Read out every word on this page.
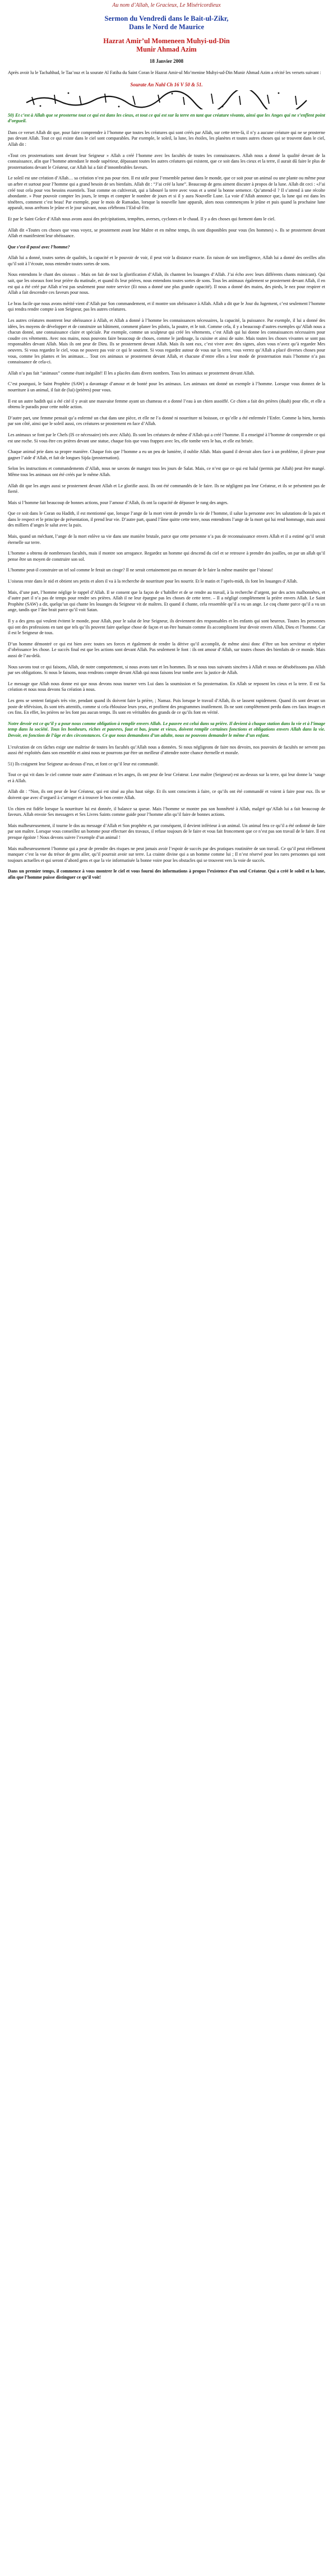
Au nom d’Allah, le Gracieux, Le Miséricordieux
Sermon du Vendredi dans le Bait-ul-Zikr,
Dans le Nord de Maurice
Hazrat Amir’ul Momeneen Muhyi-ud-Din
Munir Ahmad Azim
18 Janvier 2008
Après avoir lu le Tachahhud, le Taa’ouz et la sourate Al Fatiha du Saint Coran le Hazrat Amir-ul Mo’menine Muhyi-ud-Din Munir Ahmad Azim a récité les versets suivant :
Sourate An Nahl Ch 16 V 50 & 51.
50) Et c’est à Allah que se prosterne tout ce qui est dans les cieux, et tout ce qui est sur la terre en tant que créature vivante, ainsi que les Anges qui ne s’enflent point d’orgueil.
Dans ce verset Allah dit que, pour faire comprendre à l’homme que toutes les créatures qui sont créés par Allah, sur cette terre-là, il n’y a aucune créature qui ne se prosterne pas devant Allah. Tout ce qui existe dans le ciel sont comparables. Par exemple, le soleil, la lune, les étoiles, les planètes et toutes autres choses qui se trouvent dans le ciel, Allah dit :
«Tout ces prosternations sont devant leur Seigneur » Allah a créé l’homme avec les facultés de toutes les connaissances. Allah nous a donné la qualité devant de la connaissance, afin que l’homme attendant le mode supérieur, dépassant toutes les autres créatures qui existent, que ce soit dans les cieux et la terre, il aurait dû faire le plus de prosternations devant le Créateur, car Allah lui a fait d’innombrables faveurs.
Le soleil est une création d’Allah… sa création n’est pas pour rien. Il est utile pour l’ensemble partout dans le monde, que ce soit pour un animal ou une plante ou même pour un arbre et surtout pour l’homme qui a grand besoin de ses bienfaits. Allah dit : “J’ai créé la lune”. Beaucoup de gens aiment discuter à propos de la lune. Allah dit ceci : «J’ai créé tout cela pour vos besoins essentiels. Tout comme on cultiverait, qui a labouré la terre avec vous et a semé la bonne semence. Qu’attend-il ? Il s’attend à une récolte abondante. » Pour pouvoir compter les jours, le temps et compter le nombre de jours et si il y aura Nouvelle Lune. La voie d’Allah annonce que, la lune qui est dans les ténèbres, comment c’est beau! Par exemple, pour le mois de Ramadan, lorsque la nouvelle lune apparaît, alors nous commençons le jeûne et puis quand la prochaine lune apparaît, nous arrêtons le jeûne et le jour suivant, nous célébrons l’Eid-ul-Fitr.
Et par le Saint Grâce d’Allah nous avons aussi des précipitations, tempêtes, averses, cyclones et le chaud. Il y a des choses qui forment dans le ciel.
Allah dit «Toutes ces choses que vous voyez, se prosternent avant leur Maître et en même temps, ils sont disponibles pour vous (les hommes) ». Ils se prosternent devant Allah et manifestent leur obéissance.
Que s’est-il passé avec l’homme?
Allah lui a donné, toutes sortes de qualités, la capacité et le pouvoir de voir, il peut voir la distance exacte. En raison de son intelligence, Allah lui a donné des oreilles afin qu’il soit à l’écoute, nous entendre toutes sortes de sons.
Nous entendons le chant des oiseaux – Mais on fait de tout la glorification d’Allah, ils chantent les louanges d’Allah. J’ai écho avec leurs différents chants mimicant). Qui sait, que les oiseaux font leur prière du matinale, et quand ils leur prières, nous entendons toutes sortes de sons. Tous les animaux également se prosternent devant Allah, il en est qui a été créé par Allah n’est pas seulement pour notre service (Et nous a donné une plus grande capacité). Il nous a donné des mains, des pieds, le nez pour respirer et Allah a fait descendre ces faveurs pour nous.
Le bras facile que nous avons mérité vient d’Allah par Son commandement, et il montre son obéissance à Allah. Allah a dit que le Jour du Jugement, c’est seulement l’homme qui rendra rendre compte à son Seigneur, pas les autres créatures.
Les autres créatures montrent leur obéissance à Allah, et Allah a donné à l’homme les connaissances nécessaires, la capacité, la puissance. Par exemple, il lui a donné des idées, les moyens de développer et de construire un bâtiment, comment planer les pilotis, la poutre, et le toit. Comme cela, il y a beaucoup d’autres exemples qu’Allah nous a chacun donné, une connaissance claire et spéciale. Par exemple, comme un sculpteur qui créé les vêtements, c’est Allah qui lui donne les connaissances nécessaires pour coudre ces vêtements. Avec nos mains, nous pouvons faire beaucoup de choses, comme le jardinage, la cuisine et ainsi de suite. Mais toutes les choses vivantes se sont pas responsables devant Allah. Mais ils ont peur de Dieu. Ils se prosternent devant Allah. Mais ils sont eux, c’est vivre avec des signes, alors vous n’avez qu’à regarder Mes oeuvres. Si vous regardez le ciel, vous ne pouvez pas voir ce qui le soutient. Si vous regardez autour de vous sur la terre, vous verrez qu’Allah a placé diverses choses pour vous, comme les plantes et les animaux… Tout ces animaux se prosternent devant Allah, et chacune d’entre elles a leur mode de prosternation mais l’homme n’a pas connaissance de cela-ci.
Allah n’a pas fait “animaux” comme étant inégalité! Il les a placées dans divers nombres. Tous les animaux se prosternent devant Allah.
C’est pourquoi, le Saint Prophète (SAW) a davantage d’amour et de bonté pour les animaux. Les animaux ont donné un exemple à l’homme. Lorsque vous donnez de la nourriture à un animal, il fait de (lui) (prières) pour vous.
Il est un autre hadith qui a été cité il y avait une mauvaise femme ayant un chameau et a donné l’eau à un chien assoiffé. Ce chien a fait des prières (duah) pour elle, et elle a obtenu le paradis pour cette noble action.
D’autre part, une femme pensait qu’a enfermé un chat dans une pièce, et elle ne l’a donné ni nourriture ni boisson, ce qu’elle a été enfermée l’Enfer. Comme la bien, hormis par son côté, ainsi que le soleil aussi, ces créatures se prosternent en face d’Allah.
Les animaux se font par le Chefs (IS ce nécessaire) très avec Allah). Ils sont les créatures de même d’Allah qui a créé l’homme. Il a enseigné à l’homme de comprendre ce qui est une roche. Si vous être ces prières devant une statue, chaque fois que vous frappez avec les, elle tombe vers le bas, et elle est brisée.
Chaque animal prie dans sa propre manière. Chaque fois que l’homme a eu un peu de lumière, il oublie Allah. Mais quand il devrait alors face à un problème, il pleure pour gagner l’aide d’Allah, et fait de longues Sijda (prosternation).
Selon les instructions et commandements d’Allah, nous ne savons de mangez tous les jours de Salat. Mais, ce n’est que ce qui est halal (permis par Allah) peut être mangé. Même tous les animaux ont été créés par le même Allah.
Allah dit que les anges aussi se prosternent devant Allah et Le glorifie aussi. Ils ont été commandés de le faire. Ils ne négligent pas leur Créateur, et ils se présentent pas de fierté.
Mais si l’homme fait beaucoup de bonnes actions, pour l’amour d’Allah, ils ont la capacité de dépasser le rang des anges.
Que ce soit dans le Coran ou Hadith, il est mentionné que, lorsque l’ange de la mort vient de prendre la vie de l’homme, il salue la personne avec les salutations de la paix et dans le respect et le principe de présentation, il prend leur vie. D’autre part, quand l’âme quitte cette terre, nous entendrons l’ange de la mort qui lui rend hommage, mais aussi des milliers d’anges le salut avec la paix.
Mais, quand un méchant, l’ange de la mort enlève sa vie dans une manière brutale, parce que cette personne n’a pas de reconnaissance envers Allah et il a estimé qu’il serait éternelle sur terre.
L’homme a obtenu de nombreuses facultés, mais il montre son arrogance. Regardez un homme qui descend du ciel et se retrouve à prendre des joailles, on par un allah qu’il pense être un moyen de construire son sol.
L’homme peut-il construire un tel sol comme le ferait un cirage? Il ne serait certainement pas en mesure de le faire la même manière que l’oiseau!
L’oiseau reste dans le nid et obtient ses petits et alors il va à la recherche de nourriture pour les nourrir. Et le matin et l’après-midi, ils font les louanges d’Allah.
Mais, d’une part, l’homme néglige le rappel d’Allah. Il se consent que la façon de s’habiller et de se rendre au travail, à la recherche d’argent, par des actes malhonnêtes, et d’autre part il n’a pas de temps pour rendre ses prières. Allah il ne leur épargne pas les choses de cette terre. – Il a négligé complètement la prière envers Allah. Le Saint Prophète (SAW) a dit, quelqu’un qui chante les louanges du Seigneur vit de maîtres. Et quand il chante, cela ressemble qu’il a vu un ange. Le coq chante parce qu’il a vu un ange, tandis que l’âne brait parce qu’il voit Satan.
Il y a des gens qui veulent évitent le monde, pour Allah, pour le salut de leur Seigneur, ils deviennent des responsables et les enfants qui sont heureux. Toutes les personnes qui ont des professions en tant que tels qu’ils peuvent faire quelque chose de façon et un être humain comme ils accomplissent leur devoir envers Allah, Dieu et l’homme. Car il est le Seigneur de tous.
D’un homme démontré ce qui est bien avec toutes ses forces et également de rendre la dérive qu’il accomplit, de même ainsi donc d’être un bon serviteur et répéter d’obéissance les chose. Le succès final est que les actions sont devant Allah. Pas seulement le font : ils ont amour d’Allah, sur toutes choses des bienfaits de ce monde. Mais aussi de l’au-delà.
Nous savons tout ce qui faisons, Allah, de notre comportement, si nous avons tant et les hommes. Ils se nous tous suivants sincères à Allah et nous ne désobéissons pas Allah par ses obligations. Si nous le faisons, nous rendrons compte devant Allah qui nous faisons leur tombe avec la justice de Allah.
Le message que Allah nous donne est que nous devons nous tourner vers Lui dans la soumission et Sa prosternation. En Allah se reposent les cieux et la terre. Il est Sa création et nous nous devons Sa création à nous.
Les gens se sentent fatigués très vite, pendant quand ils doivent faire la prière, ; Namaz. Puis lorsque le travail d’Allah, ils se lassent rapidement. Quand ils sont devant un poste de télévision, ils sont très attentifs, comme si cela éblouisse leurs yeux, et profitent des programmes inutilement. Ils ne sont complètement perdu dans ces faux images et ces fins. En effet, les prières ne les font pas aucun temps. Ils sont en véritables des grands de ce qu’ils font en vérité.
Notre devoir est ce qu’il y a pour nous comme obligation à remplir envers Allah. Le pauvre est celui dans sa prière. Il devient à chaque station dans la vie et à l’image temp dans la société. Tous les bonheurs, riches et pauvres, faut et bas, jeune et vieux, doivent remplir certaines fonctions et obligations envers Allah dans la vie. Devoir, en fonction de l’âge et des circonstances. Ce que nous demandons d’un adulte, nous ne pouvons demander le même d’un enfant.
L’exécution de ces tâches exige une maîtrise de toutes les facultés qu’Allah nous a données. Si nous négligeons de faire nos devoirs, nos pouvoirs de facultés ne servent pas aussi été exploités dans son ensemble et ainsi nous ne pourrons par être un meilleur d’attendre notre chance éternelle et morale.
51) Ils craignent leur Seigneur au-dessus d’eux, et font ce qu’il leur est commandé.
Tout ce qui vit dans le ciel comme toute autre d’animaux et les anges, ils ont peur de leur Créateur. Leur maître (Seigneur) est au-dessus sur la terre, qui leur donne la ‘sauge et à Allah.
Allah dit : “Non, ils ont peur de leur Créateur, qui est situé au plus haut siège. Et ils sont conscients à faire, ce qu’ils ont été commandé et voient à faire pour eux. Ils se doivent que avec d’orgueil à s’arroger et à trouver le bon centre Allah.
Un chien est fidèle lorsque la nourriture lui est donnée, il balance sa queue. Mais l’homme se montre pas son honnêteté à Allah, malgré qu’Allah lui a fait beaucoup de faveurs. Allah envoie Ses messagers et Ses Livres Saints comme guide pour l’homme afin qu’il faire de bonnes actions.
Mais malheureusement, il tourne le dos au message d’Allah et Son prophète et, par conséquent, il devient inférieur à un animal. Un animal fera ce qu’il a été ordonné de faire par son maître. Lorsque vous conseillez un homme pour effectuer des travaux, il refuse toujours de le faire et vous fait froncement que ce n’est pas son travail de le faire. Il est presque égoïste ! Nous devons suivre l’exemple d’un animal !
Mais malheureusement l’homme qui a peur de prendre des risques ne peut jamais avoir l’espoir de succès par des pratiques routinière de son travail. Ce qu’il peut réellement manquer c’est la vue du trésor de gens aller, qu’il pourrait avoir sur terre. La crainte divine qui a un homme comme lui ; Il n’est réservé pour les rares personnes qui sont toujours actuelles et qui seront d’abord gens et que la vie informatisée la bonne voire pour les obstacles qui se trouvent vers la voie de succès.
Dans un premier temps, il commence à vous montrer le ciel et vous fourni des informations à propos l’existence d’un seul Créateur. Qui a créé le soleil et la lune, afin que l’homme puisse distinguer ce qu’il voit!
